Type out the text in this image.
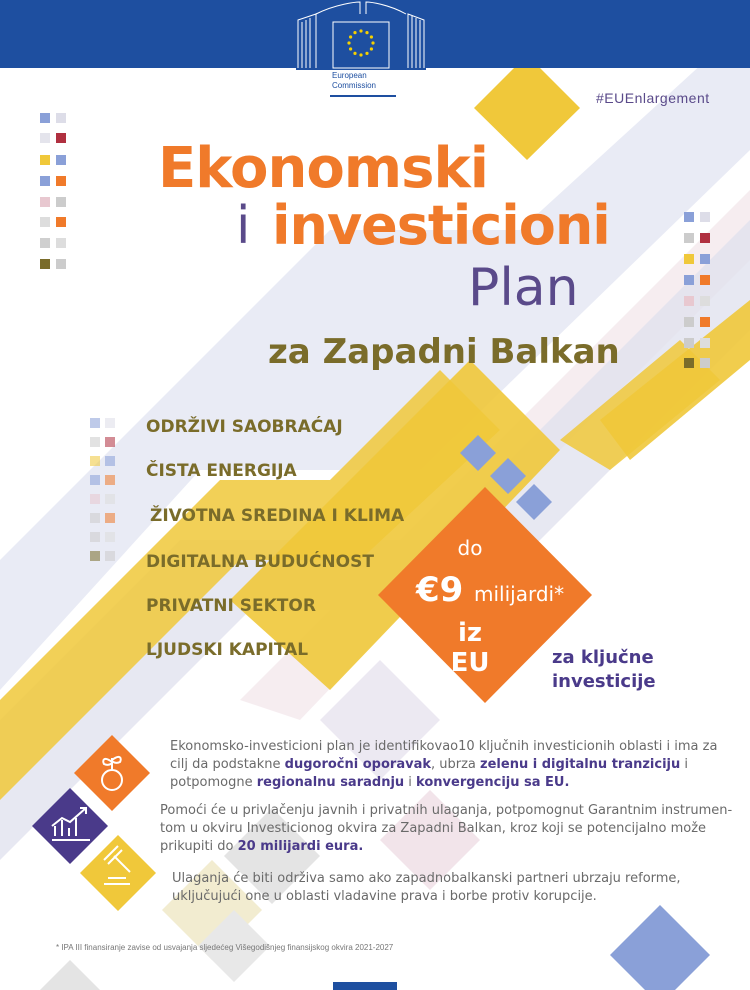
European
Commission
#EUEnlargement
Ekonomski
i investicioni
Plan
za Zapadni Balkan
ODRŽIVI SAOBRAĆAJ
ČISTA ENERGIJA
ŽIVOTNA SREDINA I KLIMA
DIGITALNA BUDUĆNOST
PRIVATNI SEKTOR
LJUDSKI KAPITAL
do
€9 milijardi*
iz EU	za ključne
investicije
Ekonomsko-investicioni plan je identifikovao10 ključnih investicionih oblasti i ima za cilj da podstakne dugoročni oporavak, ubrza zelenu i digitalnu tranziciju i potpomogne regionalnu saradnju i konvergenciju sa EU.
Pomoći će u privlačenju javnih i privatnih ulaganja, potpomognut Garantnim instrumen-tom u okviru Investicionog okvira za Zapadni Balkan, kroz koji se potencijalno može prikupiti do 20 milijardi eura.
Ulaganja će biti održiva samo ako zapadnobalkanski partneri ubrzaju reforme, uključujući one u oblasti vladavine prava i borbe protiv korupcije.
* IPA III finansiranje zavise od usvajanja sljedećeg Višegodišnjeg finansijskog okvira 2021-2027
